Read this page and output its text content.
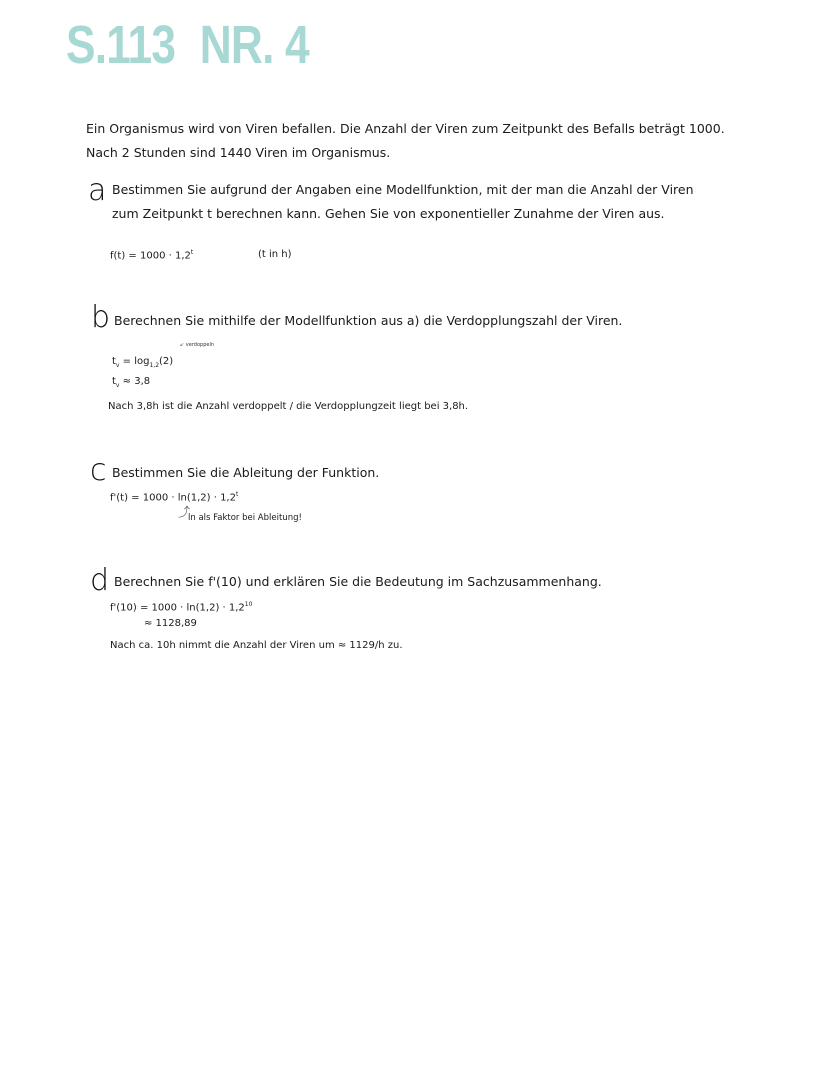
S.113 NR. 4
Ein Organismus wird von Viren befallen. Die Anzahl der Viren zum Zeitpunkt des Befalls beträgt 1000.
Nach 2 Stunden sind 1440 Viren im Organismus.
a Bestimmen Sie aufgrund der Angaben eine Modellfunktion, mit der man die Anzahl der Viren
zum Zeitpunkt t berechnen kann. Gehen Sie von exponentieller Zunahme der Viren aus.
$f(t) = 1000 \cdot 1,2^t$	(t in h)
b Berechnen Sie mithilfe der Modellfunktion aus a) die Verdopplungszahl der Viren.
↙ verdoppeln
$t_v = \log_{1,2}(2)$
$t_v \approx 3,8$
Nach 3,8h ist die Anzahl verdoppelt / die Verdopplungzeit liegt bei 3,8h.
c Bestimmen Sie die Ableitung der Funktion.
$f'(t) = 1000 \cdot \ln(1,2) \cdot 1,2^t$
⤴
ln als Faktor bei Ableitung!
d Berechnen Sie f'(10) und erklären Sie die Bedeutung im Sachzusammenhang.
$f'(10) = 1000 \cdot \ln(1,2) \cdot 1,2^{10}$
≈ 1128,89
Nach ca. 10h nimmt die Anzahl der Viren um ≈ 1129/h zu.
